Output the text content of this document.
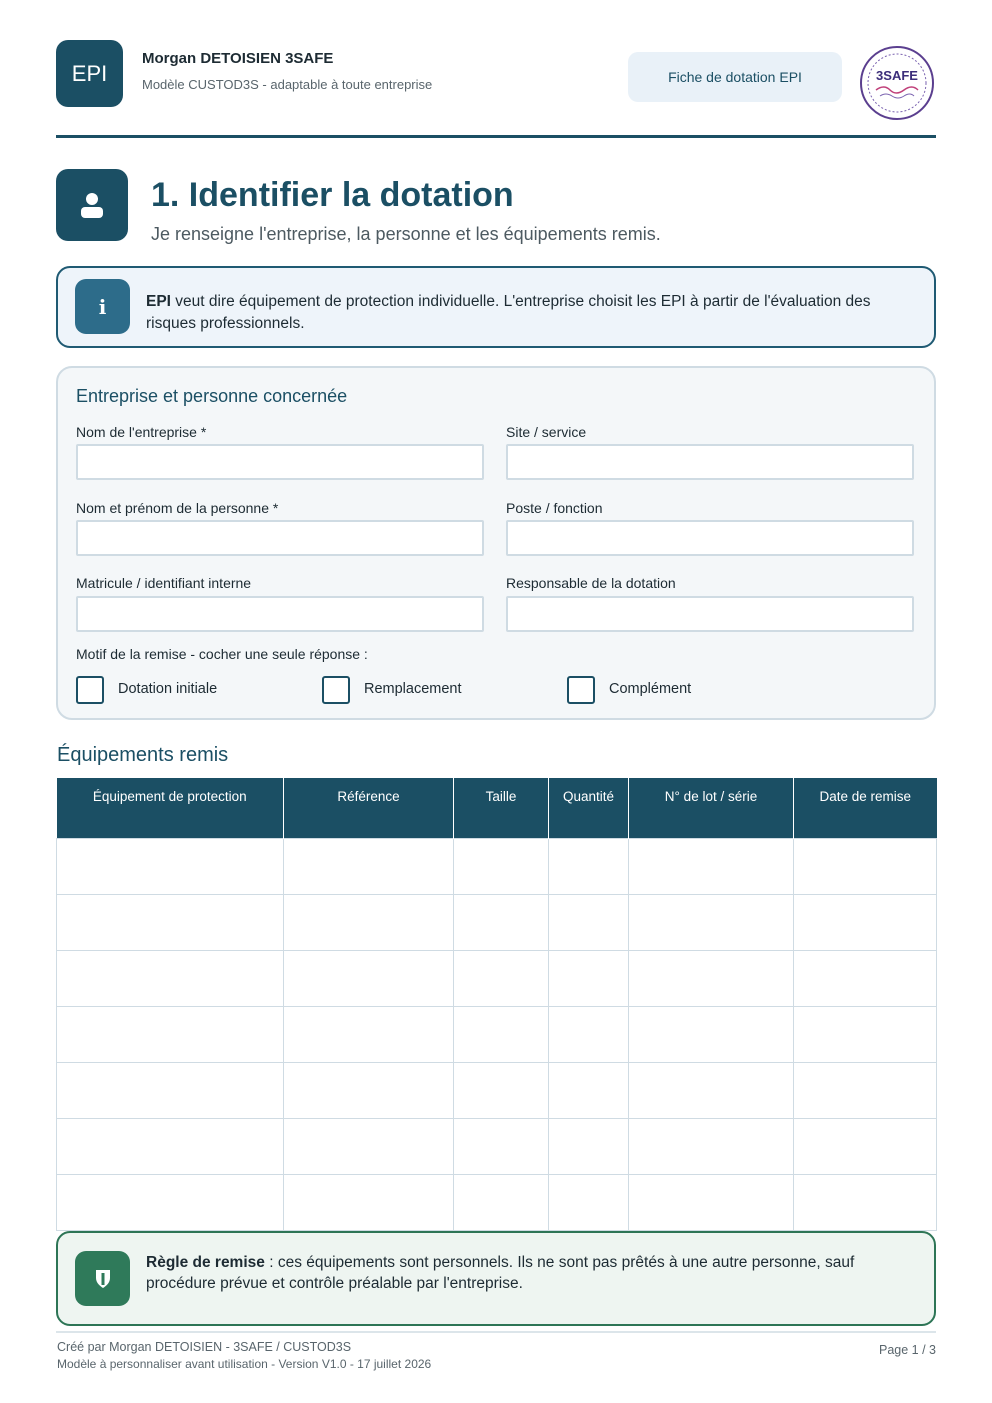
EPI
Morgan DETOISIEN 3SAFE
Modèle CUSTOD3S - adaptable à toute entreprise	Fiche de dotation EPI	3SAFE
1. Identifier la dotation
Je renseigne l'entreprise, la personne et les équipements remis.
i	EPI veut dire équipement de protection individuelle. L'entreprise choisit les EPI à partir de l'évaluation des risques professionnels.
Entreprise et personne concernée
Nom de l'entreprise *	Site / service
Nom et prénom de la personne *	Poste / fonction
Matricule / identifiant interne	Responsable de la dotation
Motif de la remise - cocher une seule réponse :
Dotation initiale	Remplacement	Complément
Équipements remis
Équipement de protection	Référence	Taille	Quantité	N° de lot / série	Date de remise

Règle de remise : ces équipements sont personnels. Ils ne sont pas prêtés à une autre personne, sauf procédure prévue et contrôle préalable par l'entreprise.
Créé par Morgan DETOISIEN - 3SAFE / CUSTOD3S
Modèle à personnaliser avant utilisation - Version V1.0 - 17 juillet 2026
Page 1 / 3
